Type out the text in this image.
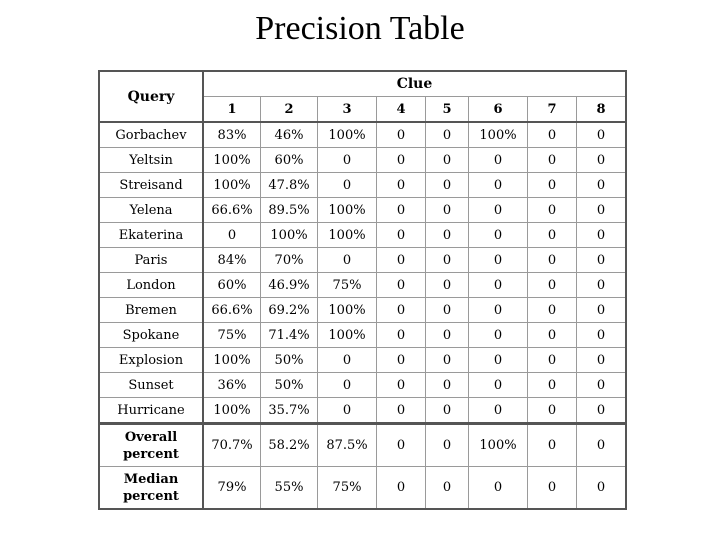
Precision Table
Query	Clue							
	1	2	3	4	5	6	7	8
Gorbachev	83%	46%	100%	0	0	100%	0	0
Yeltsin	100%	60%	0	0	0	0	0	0
Streisand	100%	47.8%	0	0	0	0	0	0
Yelena	66.6%	89.5%	100%	0	0	0	0	0
Ekaterina	0	100%	100%	0	0	0	0	0
Paris	84%	70%	0	0	0	0	0	0
London	60%	46.9%	75%	0	0	0	0	0
Bremen	66.6%	69.2%	100%	0	0	0	0	0
Spokane	75%	71.4%	100%	0	0	0	0	0
Explosion	100%	50%	0	0	0	0	0	0
Sunset	36%	50%	0	0	0	0	0	0
Hurricane	100%	35.7%	0	0	0	0	0	0

Overall
percent	70.7%	58.2%	87.5%	0	0	100%	0	0

Median
percent	79%	55%	75%	0	0	0	0	0
